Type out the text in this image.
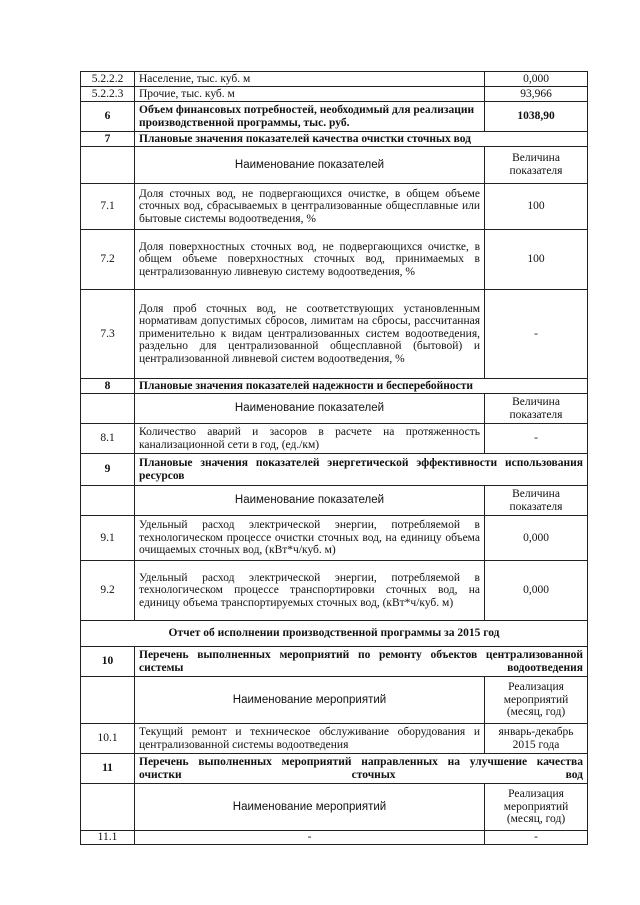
5.2.2.2	Население, тыс. куб. м	0,000
5.2.2.3	Прочие, тыс. куб. м	93,966
6	Объем финансовых потребностей, необходимый для реализации производственной программы, тыс. руб.	1038,90
7	Плановые значения показателей качества очистки сточных вод	
	Наименование показателей	Величина показателя
7.1	Доля сточных вод, не подвергающихся очистке, в общем объеме сточных вод, сбрасываемых в централизованные общесплавные или бытовые системы водоотведения, %	100
7.2	Доля поверхностных сточных вод, не подвергающихся очистке, в общем объеме поверхностных сточных вод, принимаемых в централизованную ливневую систему водоотведения, %	100
7.3	Доля проб сточных вод, не соответствующих установленным нормативам допустимых сбросов, лимитам на сбросы, рассчитанная применительно к видам централизованных систем водоотведения, раздельно для централизованной общесплавной (бытовой) и централизованной ливневой систем водоотведения, %	-
8	Плановые значения показателей надежности и бесперебойности	
	Наименование показателей	Величина показателя
8.1	Количество аварий и засоров в расчете на протяженность канализационной сети в год, (ед./км)	-
9	Плановые значения показателей энергетической эффективности использования ресурсов	
	Наименование показателей	Величина показателя
9.1	Удельный расход электрической энергии, потребляемой в технологическом процессе очистки сточных вод, на единицу объема очищаемых сточных вод, (кВт*ч/куб. м)	0,000
9.2	Удельный расход электрической энергии, потребляемой в технологическом процессе транспортировки сточных вод, на единицу объема транспортируемых сточных вод, (кВт*ч/куб. м)	0,000
Отчет об исполнении производственной программы за 2015 год		
10	Перечень выполненных мероприятий по ремонту объектов централизованной системы водоотведения	
	Наименование мероприятий	Реализация мероприятий (месяц, год)
10.1	Текущий ремонт и техническое обслуживание оборудования и централизованной системы водоотведения	январь-декабрь 2015 года
11	Перечень выполненных мероприятий направленных на улучшение качества очистки сточных вод	
	Наименование мероприятий	Реализация мероприятий (месяц, год)
11.1	-	-
